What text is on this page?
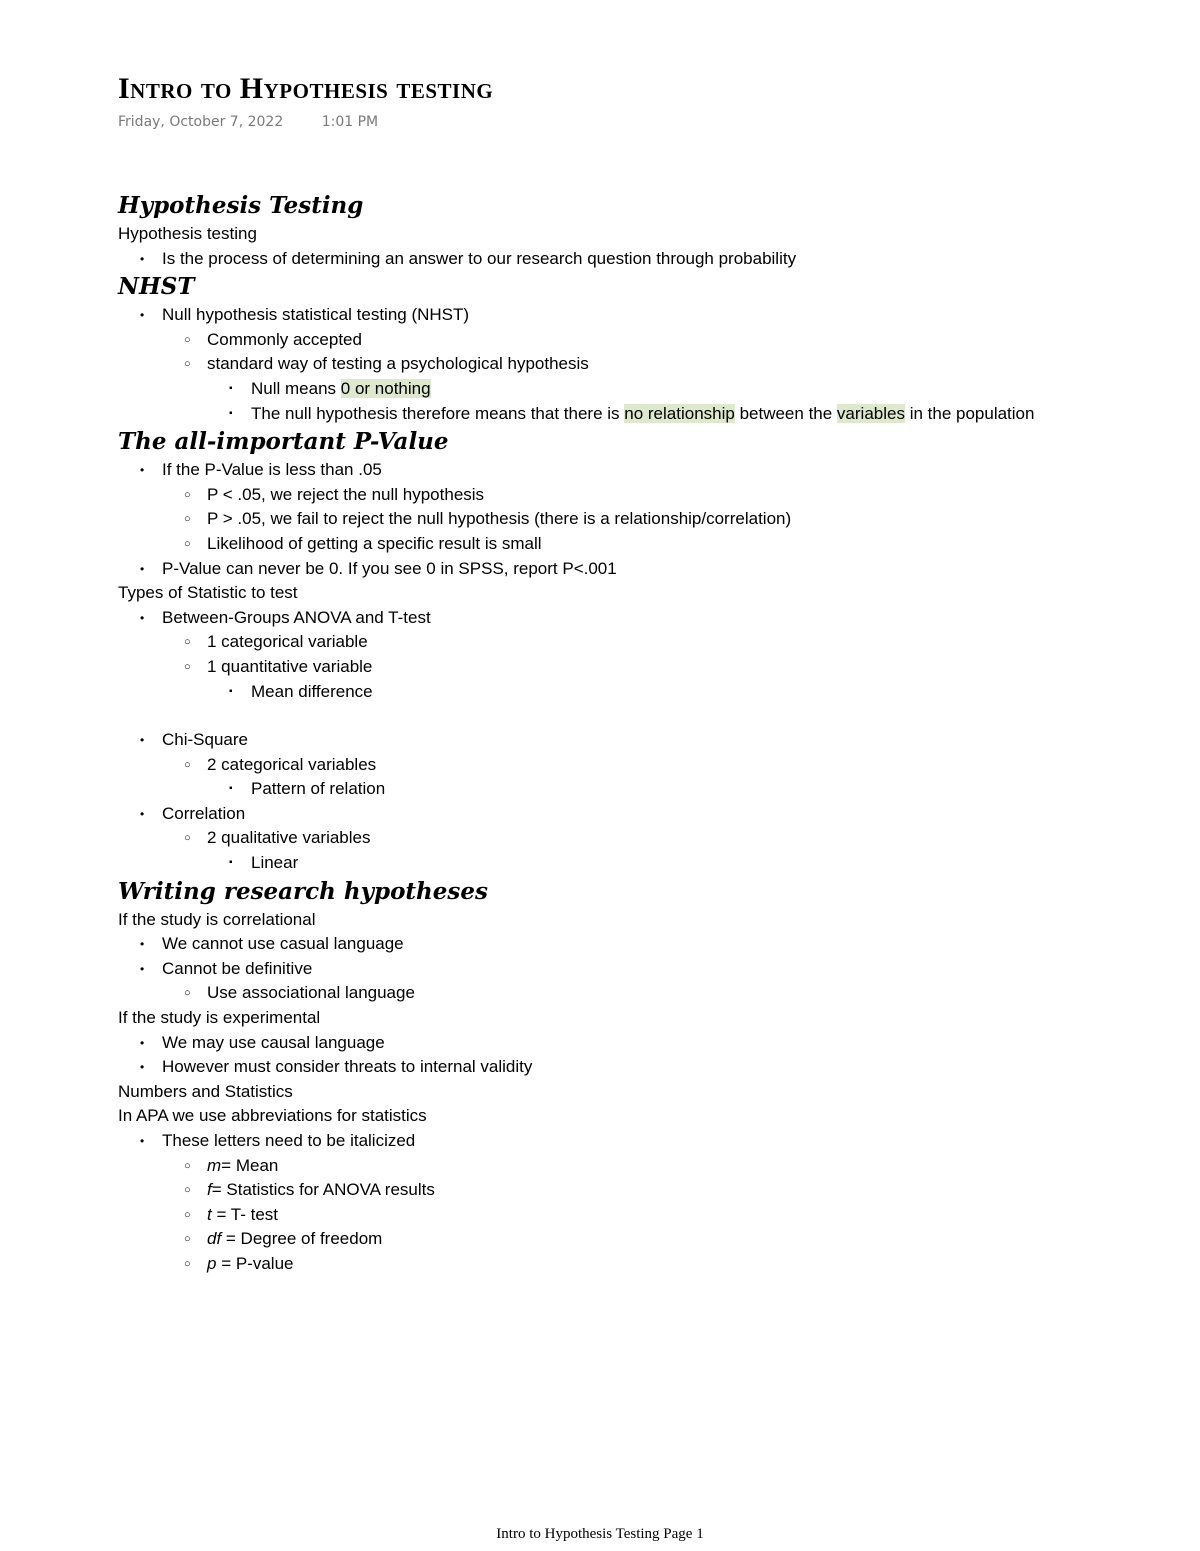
Intro to Hypothesis testing
Friday, October 7, 2022	1:01 PM
Hypothesis Testing
Hypothesis testing
• Is the process of determining an answer to our research question through probability
NHST
• Null hypothesis statistical testing (NHST)
○ Commonly accepted
○ standard way of testing a psychological hypothesis
▪ Null means 0 or nothing
▪ The null hypothesis therefore means that there is no relationship between the variables in the population
The all-important P-Value
• If the P-Value is less than .05
○ P < .05, we reject the null hypothesis
○ P > .05, we fail to reject the null hypothesis (there is a relationship/correlation)
○ Likelihood of getting a specific result is small
• P-Value can never be 0. If you see 0 in SPSS, report P<.001
Types of Statistic to test
• Between-Groups ANOVA and T-test
○ 1 categorical variable
○ 1 quantitative variable
▪ Mean difference
• Chi-Square
○ 2 categorical variables
▪ Pattern of relation
• Correlation
○ 2 qualitative variables
▪ Linear
Writing research hypotheses
If the study is correlational
• We cannot use casual language
• Cannot be definitive
○ Use associational language
If the study is experimental
• We may use causal language
• However must consider threats to internal validity
Numbers and Statistics
In APA we use abbreviations for statistics
• These letters need to be italicized
○ m= Mean
○ f= Statistics for ANOVA results
○ t = T- test
○ df = Degree of freedom
○ p = P-value
Intro to Hypothesis Testing Page 1
